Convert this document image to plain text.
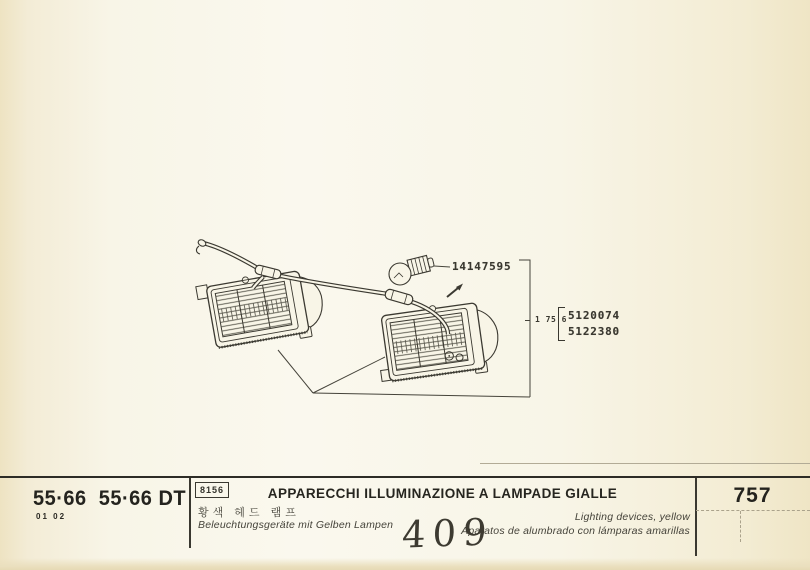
14147595
1 75 6 5120074
5122380
55·66  55·66 DT
01 02
8156	APPARECCHI ILLUMINAZIONE A LAMPADE GIALLE
황색 헤드 램프
Beleuchtungsgeräte mit Gelben Lampen
Lighting devices, yellow
Aparatos de alumbrado con lámparas amarillas
409
757
